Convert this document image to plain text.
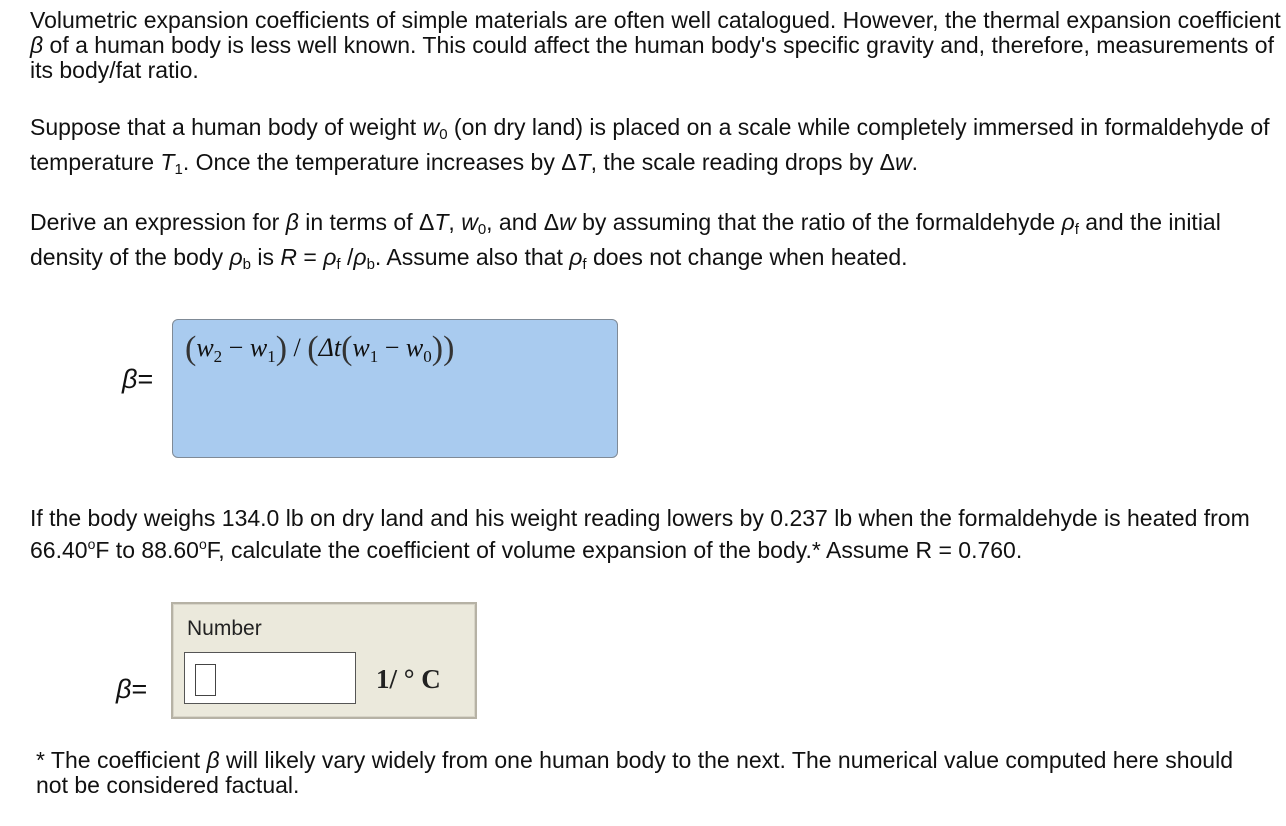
Volumetric expansion coefficients of simple materials are often well catalogued. However, the thermal expansion coefficient β of a human body is less well known. This could affect the human body's specific gravity and, therefore, measurements of its body/fat ratio.
Suppose that a human body of weight $w_0$ (on dry land) is placed on a scale while completely immersed in formaldehyde of temperature $T_1$. Once the temperature increases by ΔT, the scale reading drops by Δw.
Derive an expression for β in terms of ΔT, $w_0$, and Δw by assuming that the ratio of the formaldehyde $\rho_f$ and the initial density of the body $\rho_b$ is $R = \rho_f$ $/\rho_b$. Assume also that $\rho_f$ does not change when heated.
β=
$(w_2 - w_1) / (\Delta t(w_1 - w_0))$
If the body weighs 134.0 lb on dry land and his weight reading lowers by 0.237 lb when the formaldehyde is heated from 66.40$^o$F to 88.60$^o$F, calculate the coefficient of volume expansion of the body.* Assume R = 0.760.
β=
Number
1/ ° C
* The coefficient β will likely vary widely from one human body to the next. The numerical value computed here should not be considered factual.
